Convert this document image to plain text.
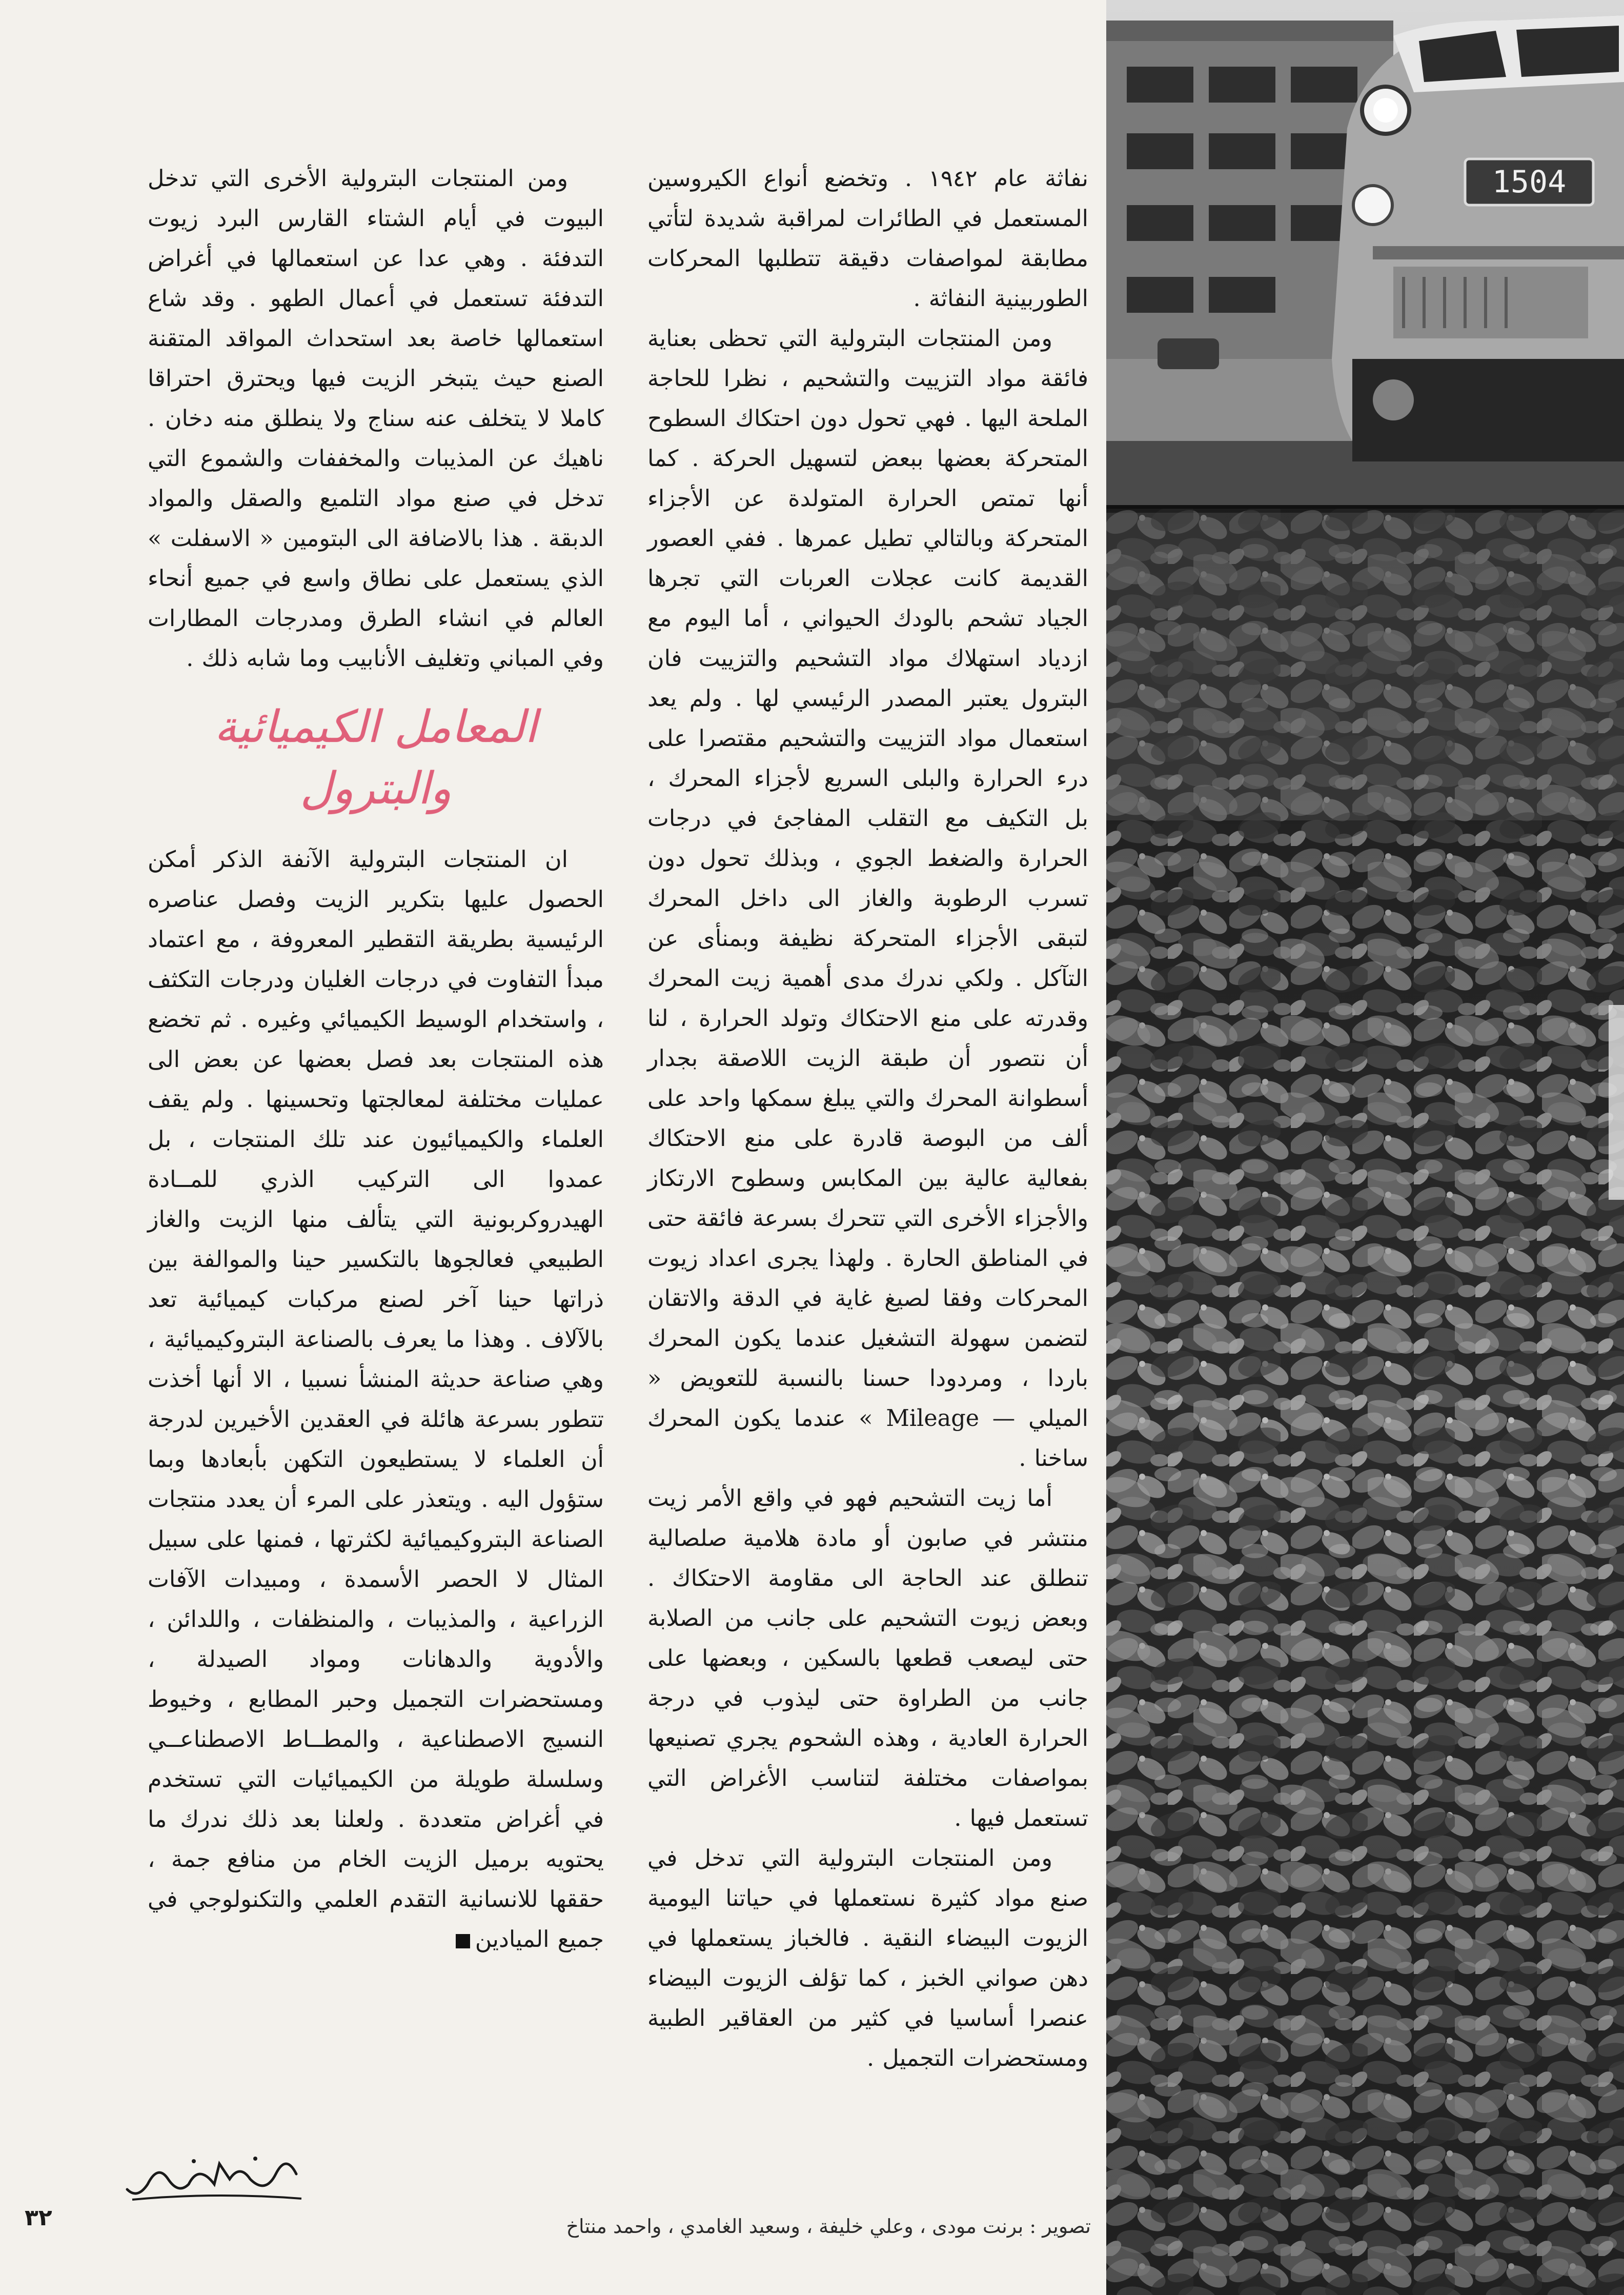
1504

نفاثة عام ١٩٤٢ . وتخضع أنواع الكيروسين المستعمل في الطائرات لمراقبة شديدة لتأتي مطابقة لمواصفات دقيقة تتطلبها المحركات الطوربينية النفاثة .

ومن المنتجات البترولية التي تحظى بعناية فائقة مواد التزييت والتشحيم ، نظرا للحاجة الملحة اليها . فهي تحول دون احتكاك السطوح المتحركة بعضها ببعض لتسهيل الحركة . كما أنها تمتص الحرارة المتولدة عن الأجزاء المتحركة وبالتالي تطيل عمرها . ففي العصور القديمة كانت عجلات العربات التي تجرها الجياد تشحم بالودك الحيواني ، أما اليوم مع ازدياد استهلاك مواد التشحيم والتزييت فان البترول يعتبر المصدر الرئيسي لها . ولم يعد استعمال مواد التزييت والتشحيم مقتصرا على درء الحرارة والبلى السريع لأجزاء المحرك ، بل التكيف مع التقلب المفاجئ في درجات الحرارة والضغط الجوي ، وبذلك تحول دون تسرب الرطوبة والغاز الى داخل المحرك لتبقى الأجزاء المتحركة نظيفة وبمنأى عن التآكل . ولكي ندرك مدى أهمية زيت المحرك وقدرته على منع الاحتكاك وتولد الحرارة ، لنا أن نتصور أن طبقة الزيت اللاصقة بجدار أسطوانة المحرك والتي يبلغ سمكها واحد على ألف من البوصة قادرة على منع الاحتكاك بفعالية عالية بين المكابس وسطوح الارتكاز والأجزاء الأخرى التي تتحرك بسرعة فائقة حتى في المناطق الحارة . ولهذا يجرى اعداد زيوت المحركات وفقا لصيغ غاية في الدقة والاتقان لتضمن سهولة التشغيل عندما يكون المحرك باردا ، ومردودا حسنا بالنسبة للتعويض « الميلي — Mileage » عندما يكون المحرك ساخنا .

أما زيت التشحيم فهو في واقع الأمر زيت منتشر في صابون أو مادة هلامية صلصالية تنطلق عند الحاجة الى مقاومة الاحتكاك . وبعض زيوت التشحيم على جانب من الصلابة حتى ليصعب قطعها بالسكين ، وبعضها على جانب من الطراوة حتى ليذوب في درجة الحرارة العادية ، وهذه الشحوم يجري تصنيعها بمواصفات مختلفة لتناسب الأغراض التي تستعمل فيها .

ومن المنتجات البترولية التي تدخل في صنع مواد كثيرة نستعملها في حياتنا اليومية الزيوت البيضاء النقية . فالخباز يستعملها في دهن صواني الخبز ، كما تؤلف الزيوت البيضاء عنصرا أساسيا في كثير من العقاقير الطبية ومستحضرات التجميل .

ومن المنتجات البترولية الأخرى التي تدخل البيوت في أيام الشتاء القارس البرد زيوت التدفئة . وهي عدا عن استعمالها في أغراض التدفئة تستعمل في أعمال الطهو . وقد شاع استعمالها خاصة بعد استحداث المواقد المتقنة الصنع حيث يتبخر الزيت فيها ويحترق احتراقا كاملا لا يتخلف عنه سناج ولا ينطلق منه دخان . ناهيك عن المذيبات والمخففات والشموع التي تدخل في صنع مواد التلميع والصقل والمواد الدبقة . هذا بالاضافة الى البتومين « الاسفلت » الذي يستعمل على نطاق واسع في جميع أنحاء العالم في انشاء الطرق ومدرجات المطارات وفي المباني وتغليف الأنابيب وما شابه ذلك .

المعامل الكيميائية والبترول

ان المنتجات البترولية الآنفة الذكر أمكن الحصول عليها بتكرير الزيت وفصل عناصره الرئيسية بطريقة التقطير المعروفة ، مع اعتماد مبدأ التفاوت في درجات الغليان ودرجات التكثف ، واستخدام الوسيط الكيميائي وغيره . ثم تخضع هذه المنتجات بعد فصل بعضها عن بعض الى عمليات مختلفة لمعالجتها وتحسينها . ولم يقف العلماء والكيميائيون عند تلك المنتجات ، بل عمدوا الى التركيب الذري للمــادة الهيدروكربونية التي يتألف منها الزيت والغاز الطبيعي فعالجوها بالتكسير حينا والموالفة بين ذراتها حينا آخر لصنع مركبات كيميائية تعد بالآلاف . وهذا ما يعرف بالصناعة البتروكيميائية ، وهي صناعة حديثة المنشأ نسبيا ، الا أنها أخذت تتطور بسرعة هائلة في العقدين الأخيرين لدرجة أن العلماء لا يستطيعون التكهن بأبعادها وبما ستؤول اليه . ويتعذر على المرء أن يعدد منتجات الصناعة البتروكيميائية لكثرتها ، فمنها على سبيل المثال لا الحصر الأسمدة ، ومبيدات الآفات الزراعية ، والمذيبات ، والمنظفات ، واللدائن ، والأدوية والدهانات ومواد الصيدلة ، ومستحضرات التجميل وحبر المطابع ، وخيوط النسيج الاصطناعية ، والمطــاط الاصطناعــي وسلسلة طويلة من الكيميائيات التي تستخدم في أغراض متعددة . ولعلنا بعد ذلك ندرك ما يحتويه برميل الزيت الخام من منافع جمة ، حققها للانسانية التقدم العلمي والتكنولوجي في جميع الميادين

تصوير : برنت مودى ، وعلي خليفة ، وسعيد الغامدي ، واحمد منتاخ
٣٢
